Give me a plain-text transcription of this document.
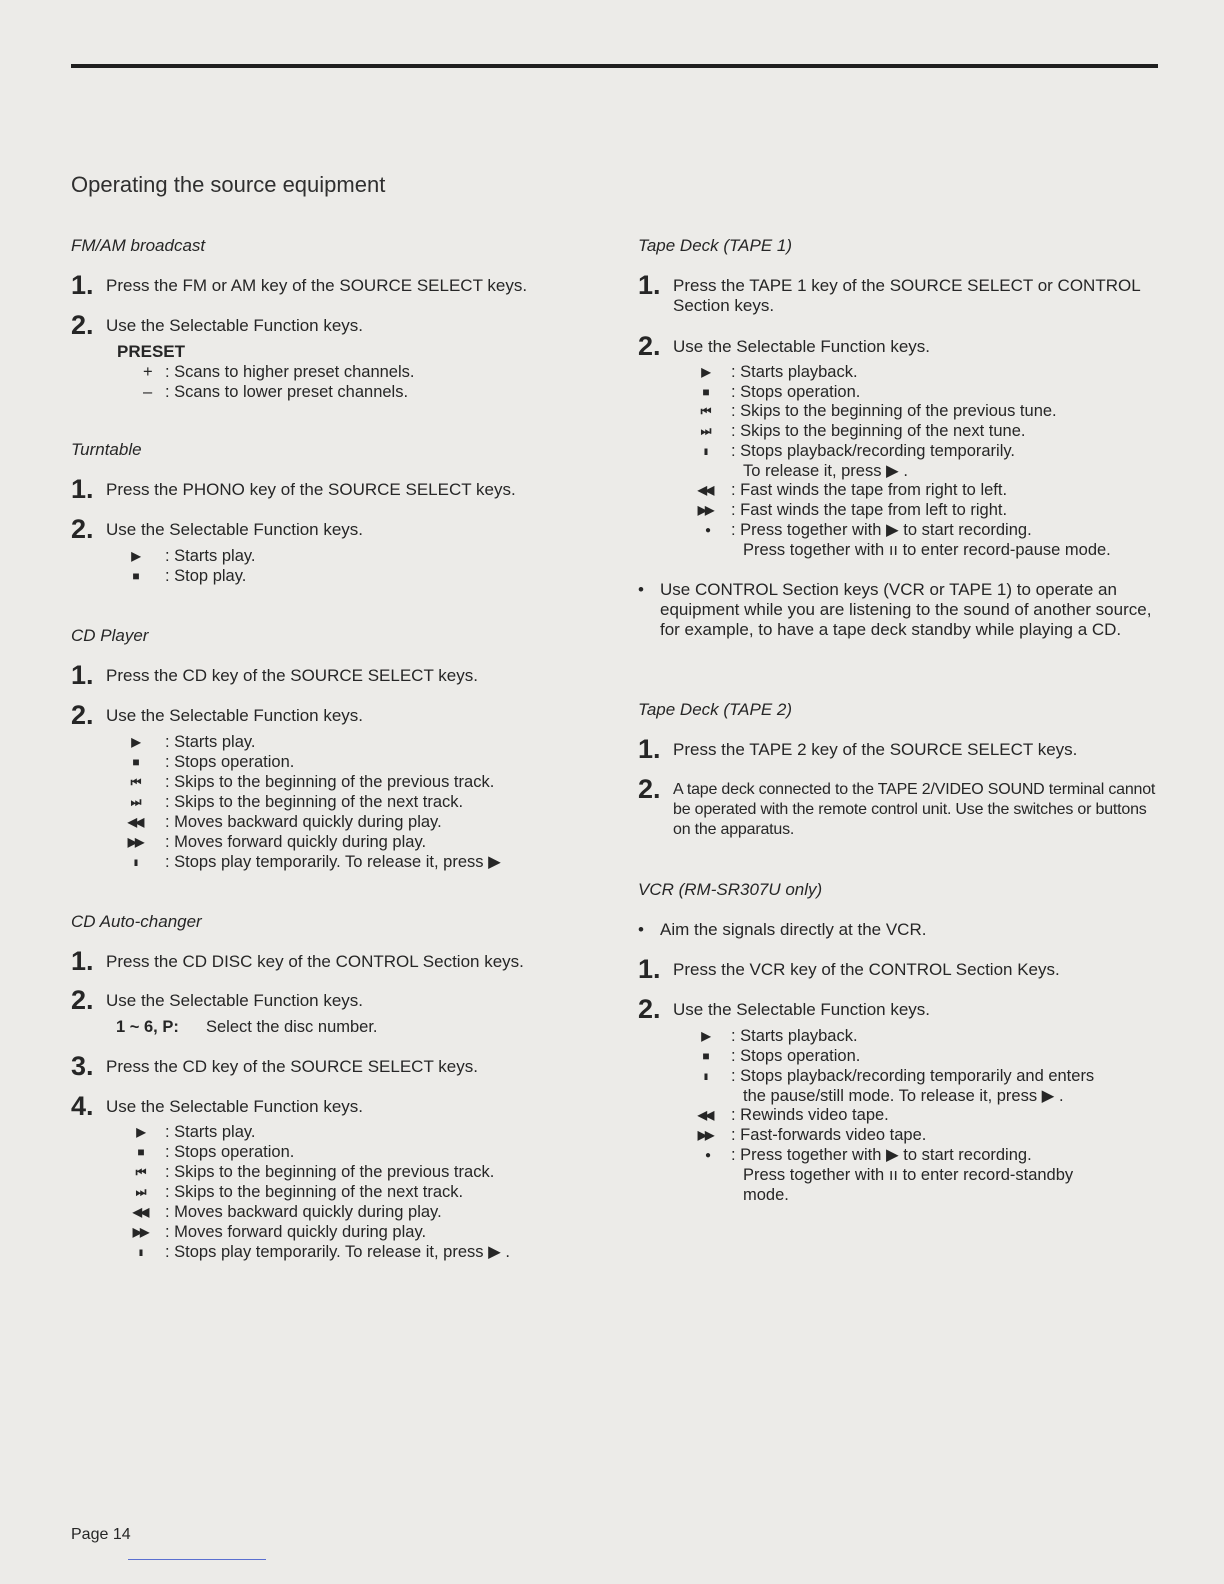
Operating the source equipment
FM/AM broadcast
1. Press the FM or AM key of the SOURCE SELECT keys.
2. Use the Selectable Function keys.
PRESET
+ : Scans to higher preset channels.
– : Scans to lower preset channels.
Turntable
1. Press the PHONO key of the SOURCE SELECT keys.
2. Use the Selectable Function keys.
▶	: Starts play.
■	: Stop play.
CD Player
1. Press the CD key of the SOURCE SELECT keys.
2. Use the Selectable Function keys.
▶	: Starts play.
■	: Stops operation.
⏮	: Skips to the beginning of the previous track.
⏭	: Skips to the beginning of the next track.
◀◀ : Moves backward quickly during play.
▶▶ : Moves forward quickly during play.
ıı	: Stops play temporarily. To release it, press ▶
CD Auto-changer
1. Press the CD DISC key of the CONTROL Section keys.
2. Use the Selectable Function keys.
1 ~ 6, P: Select the disc number.
3. Press the CD key of the SOURCE SELECT keys.
4. Use the Selectable Function keys.
▶	: Starts play.
■	: Stops operation.
⏮	: Skips to the beginning of the previous track.
⏭	: Skips to the beginning of the next track.
◀◀ : Moves backward quickly during play.
▶▶ : Moves forward quickly during play.
ıı	: Stops play temporarily. To release it, press ▶ .
Tape Deck (TAPE 1)
1. Press the TAPE 1 key of the SOURCE SELECT or CONTROL Section keys.
2. Use the Selectable Function keys.
▶	: Starts playback.
■	: Stops operation.
⏮	: Skips to the beginning of the previous tune.
⏭	: Skips to the beginning of the next tune.
ıı	: Stops playback/recording temporarily.
To release it, press ▶ .
◀◀ : Fast winds the tape from right to left.
▶▶ : Fast winds the tape from left to right.
●	: Press together with ▶ to start recording.
Press together with ıı to enter record-pause mode.
• Use CONTROL Section keys (VCR or TAPE 1) to operate an equipment while you are listening to the sound of another source, for example, to have a tape deck standby while playing a CD.
Tape Deck (TAPE 2)
1. Press the TAPE 2 key of the SOURCE SELECT keys.
2. A tape deck connected to the TAPE 2/VIDEO SOUND terminal cannot be operated with the remote control unit. Use the switches or buttons on the apparatus.
VCR (RM-SR307U only)
• Aim the signals directly at the VCR.
1. Press the VCR key of the CONTROL Section Keys.
2. Use the Selectable Function keys.
▶	: Starts playback.
■	: Stops operation.
ıı	: Stops playback/recording temporarily and enters
the pause/still mode. To release it, press ▶ .
◀◀ : Rewinds video tape.
▶▶ : Fast-forwards video tape.
●	: Press together with ▶ to start recording.
Press together with ıı to enter record-standby
mode.
Page 14
